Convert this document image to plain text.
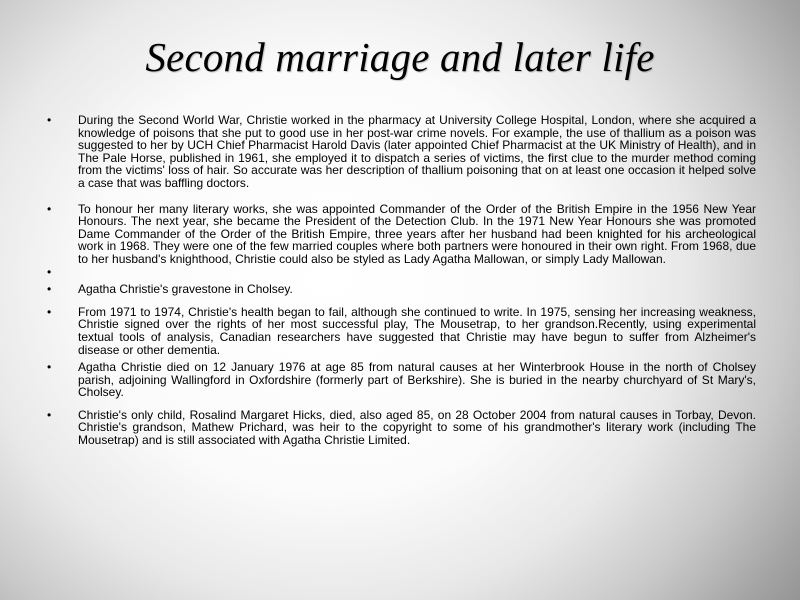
Second marriage and later life
• During the Second World War, Christie worked in the pharmacy at University College Hospital, London, where she acquired a knowledge of poisons that she put to good use in her post-war crime novels. For example, the use of thallium as a poison was suggested to her by UCH Chief Pharmacist Harold Davis (later appointed Chief Pharmacist at the UK Ministry of Health), and in The Pale Horse, published in 1961, she employed it to dispatch a series of victims, the first clue to the murder method coming from the victims' loss of hair. So accurate was her description of thallium poisoning that on at least one occasion it helped solve a case that was baffling doctors.
• To honour her many literary works, she was appointed Commander of the Order of the British Empire in the 1956 New Year Honours. The next year, she became the President of the Detection Club. In the 1971 New Year Honours she was promoted Dame Commander of the Order of the British Empire, three years after her husband had been knighted for his archeological work in 1968. They were one of the few married couples where both partners were honoured in their own right. From 1968, due to her husband's knighthood, Christie could also be styled as Lady Agatha Mallowan, or simply Lady Mallowan.
•
• Agatha Christie's gravestone in Cholsey.
• From 1971 to 1974, Christie's health began to fail, although she continued to write. In 1975, sensing her increasing weakness, Christie signed over the rights of her most successful play, The Mousetrap, to her grandson.Recently, using experimental textual tools of analysis, Canadian researchers have suggested that Christie may have begun to suffer from Alzheimer's disease or other dementia.
• Agatha Christie died on 12 January 1976 at age 85 from natural causes at her Winterbrook House in the north of Cholsey parish, adjoining Wallingford in Oxfordshire (formerly part of Berkshire). She is buried in the nearby churchyard of St Mary's, Cholsey.
• Christie's only child, Rosalind Margaret Hicks, died, also aged 85, on 28 October 2004 from natural causes in Torbay, Devon. Christie's grandson, Mathew Prichard, was heir to the copyright to some of his grandmother's literary work (including The Mousetrap) and is still associated with Agatha Christie Limited.
